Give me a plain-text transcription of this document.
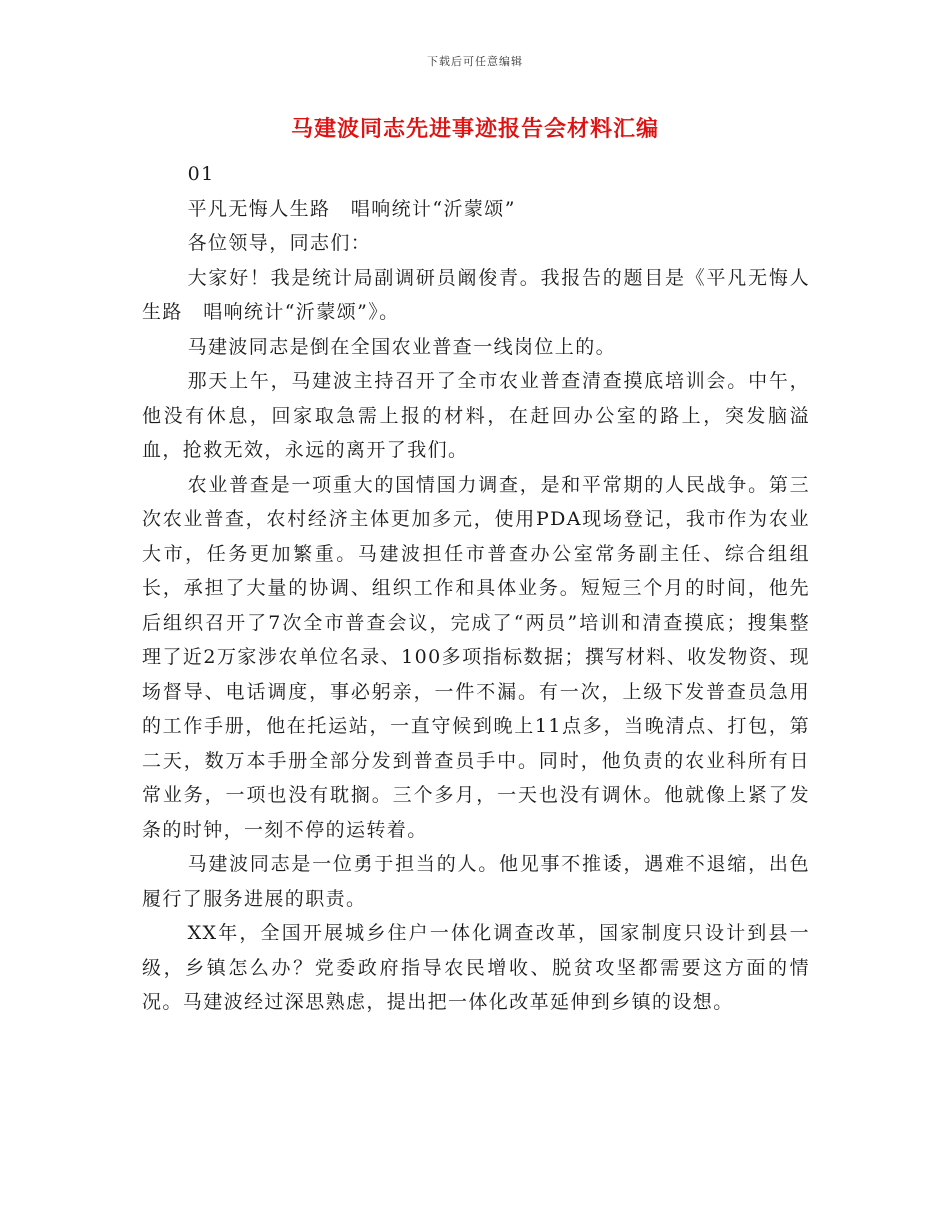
下载后可任意编辑
马建波同志先进事迹报告会材料汇编

01

平凡无悔人生路　唱响统计“沂蒙颂”

各位领导，同志们：

大家好！我是统计局副调研员阚俊青。我报告的题目是《平凡无悔人生路　唱响统计“沂蒙颂”》。

马建波同志是倒在全国农业普查一线岗位上的。

那天上午，马建波主持召开了全市农业普查清查摸底培训会。中午，他没有休息，回家取急需上报的材料，在赶回办公室的路上，突发脑溢血，抢救无效，永远的离开了我们。

农业普查是一项重大的国情国力调查，是和平常期的人民战争。第三次农业普查，农村经济主体更加多元，使用PDA现场登记，我市作为农业大市，任务更加繁重。马建波担任市普查办公室常务副主任、综合组组长，承担了大量的协调、组织工作和具体业务。短短三个月的时间，他先后组织召开了7次全市普查会议，完成了“两员”培训和清查摸底；搜集整理了近2万家涉农单位名录、100多项指标数据；撰写材料、收发物资、现场督导、电话调度，事必躬亲，一件不漏。有一次，上级下发普查员急用的工作手册，他在托运站，一直守候到晚上11点多，当晚清点、打包，第二天，数万本手册全部分发到普查员手中。同时，他负责的农业科所有日常业务，一项也没有耽搁。三个多月，一天也没有调休。他就像上紧了发条的时钟，一刻不停的运转着。

马建波同志是一位勇于担当的人。他见事不推诿，遇难不退缩，出色履行了服务进展的职责。

XX年，全国开展城乡住户一体化调查改革，国家制度只设计到县一级，乡镇怎么办？党委政府指导农民增收、脱贫攻坚都需要这方面的情况。马建波经过深思熟虑，提出把一体化改革延伸到乡镇的设想。
